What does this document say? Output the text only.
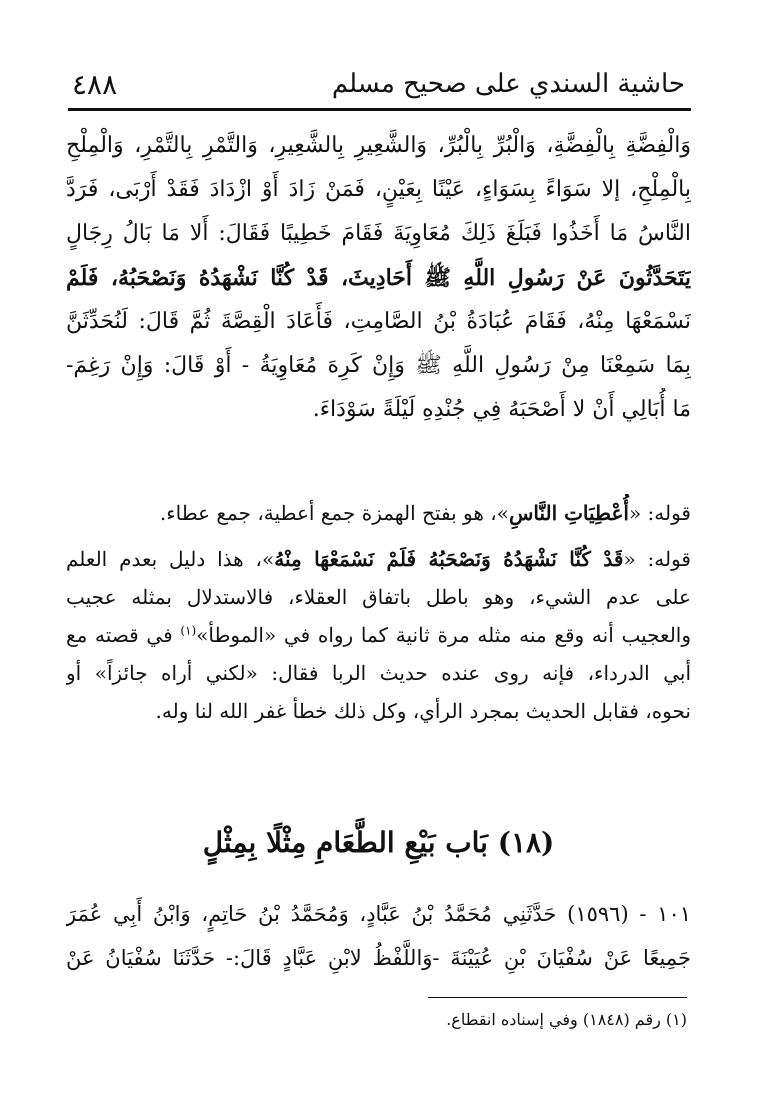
حاشية السندي على صحيح مسلم
٤٨٨
وَالْفِضَّةِ بِالْفِضَّةِ، وَالْبُرِّ بِالْبُرِّ، وَالشَّعِيرِ بِالشَّعِيرِ، وَالتَّمْرِ بِالتَّمْرِ، وَالْمِلْحِ
بِالْمِلْحِ، إلا سَوَاءً بِسَوَاءٍ، عَيْنًا بِعَيْنٍ، فَمَنْ زَادَ أَوْ ازْدَادَ فَقَدْ أَرْبَى، فَرَدَّ
النَّاسُ مَا أَخَذُوا فَبَلَغَ ذَلِكَ مُعَاوِيَةَ فَقَامَ خَطِيبًا فَقَالَ: أَلا مَا بَالُ رِجَالٍ
يَتَحَدَّثُونَ عَنْ رَسُولِ اللَّهِ ﷺ أَحَادِيثَ، قَدْ كُنَّا نَشْهَدُهُ وَنَصْحَبُهُ، فَلَمْ
نَسْمَعْهَا مِنْهُ، فَقَامَ عُبَادَةُ بْنُ الصَّامِتِ، فَأَعَادَ الْقِصَّةَ ثُمَّ قَالَ: لَنُحَدِّثَنَّ
بِمَا سَمِعْنَا مِنْ رَسُولِ اللَّهِ ﷺ وَإِنْ كَرِهَ مُعَاوِيَةُ - أَوْ قَالَ: وَإِنْ رَغِمَ-
مَا أُبَالِي أَنْ لا أَصْحَبَهُ فِي جُنْدِهِ لَيْلَةً سَوْدَاءَ.
قوله: «أُعْطِيَاتِ النَّاسِ»، هو بفتح الهمزة جمع أعطية، جمع عطاء.
قوله: «قَدْ كُنَّا نَشْهَدُهُ وَنَصْحَبُهُ فَلَمْ نَسْمَعْهَا مِنْهُ»، هذا دليل بعدم العلم
على عدم الشيء، وهو باطل باتفاق العقلاء، فالاستدلال بمثله عجيب
والعجيب أنه وقع منه مثله مرة ثانية كما رواه في «الموطأ»$^{(١)}$ في قصته مع
أبي الدرداء، فإنه روى عنده حديث الربا فقال: «لكني أراه جائزاً» أو
نحوه، فقابل الحديث بمجرد الرأي، وكل ذلك خطأ غفر الله لنا وله.
(١٨) بَاب بَيْعِ الطَّعَامِ مِثْلًا بِمِثْلٍ
١٠١ - (١٥٩٦) حَدَّثَنِي مُحَمَّدُ بْنُ عَبَّادٍ، وَمُحَمَّدُ بْنُ حَاتِمٍ، وَابْنُ أَبِي عُمَرَ
جَمِيعًا عَنْ سُفْيَانَ بْنِ عُيَيْنَةَ -وَاللَّفْظُ لابْنِ عَبَّادٍ قَالَ:- حَدَّثَنَا سُفْيَانُ عَنْ
(١) رقم (١٨٤٨) وفي إسناده انقطاع.
